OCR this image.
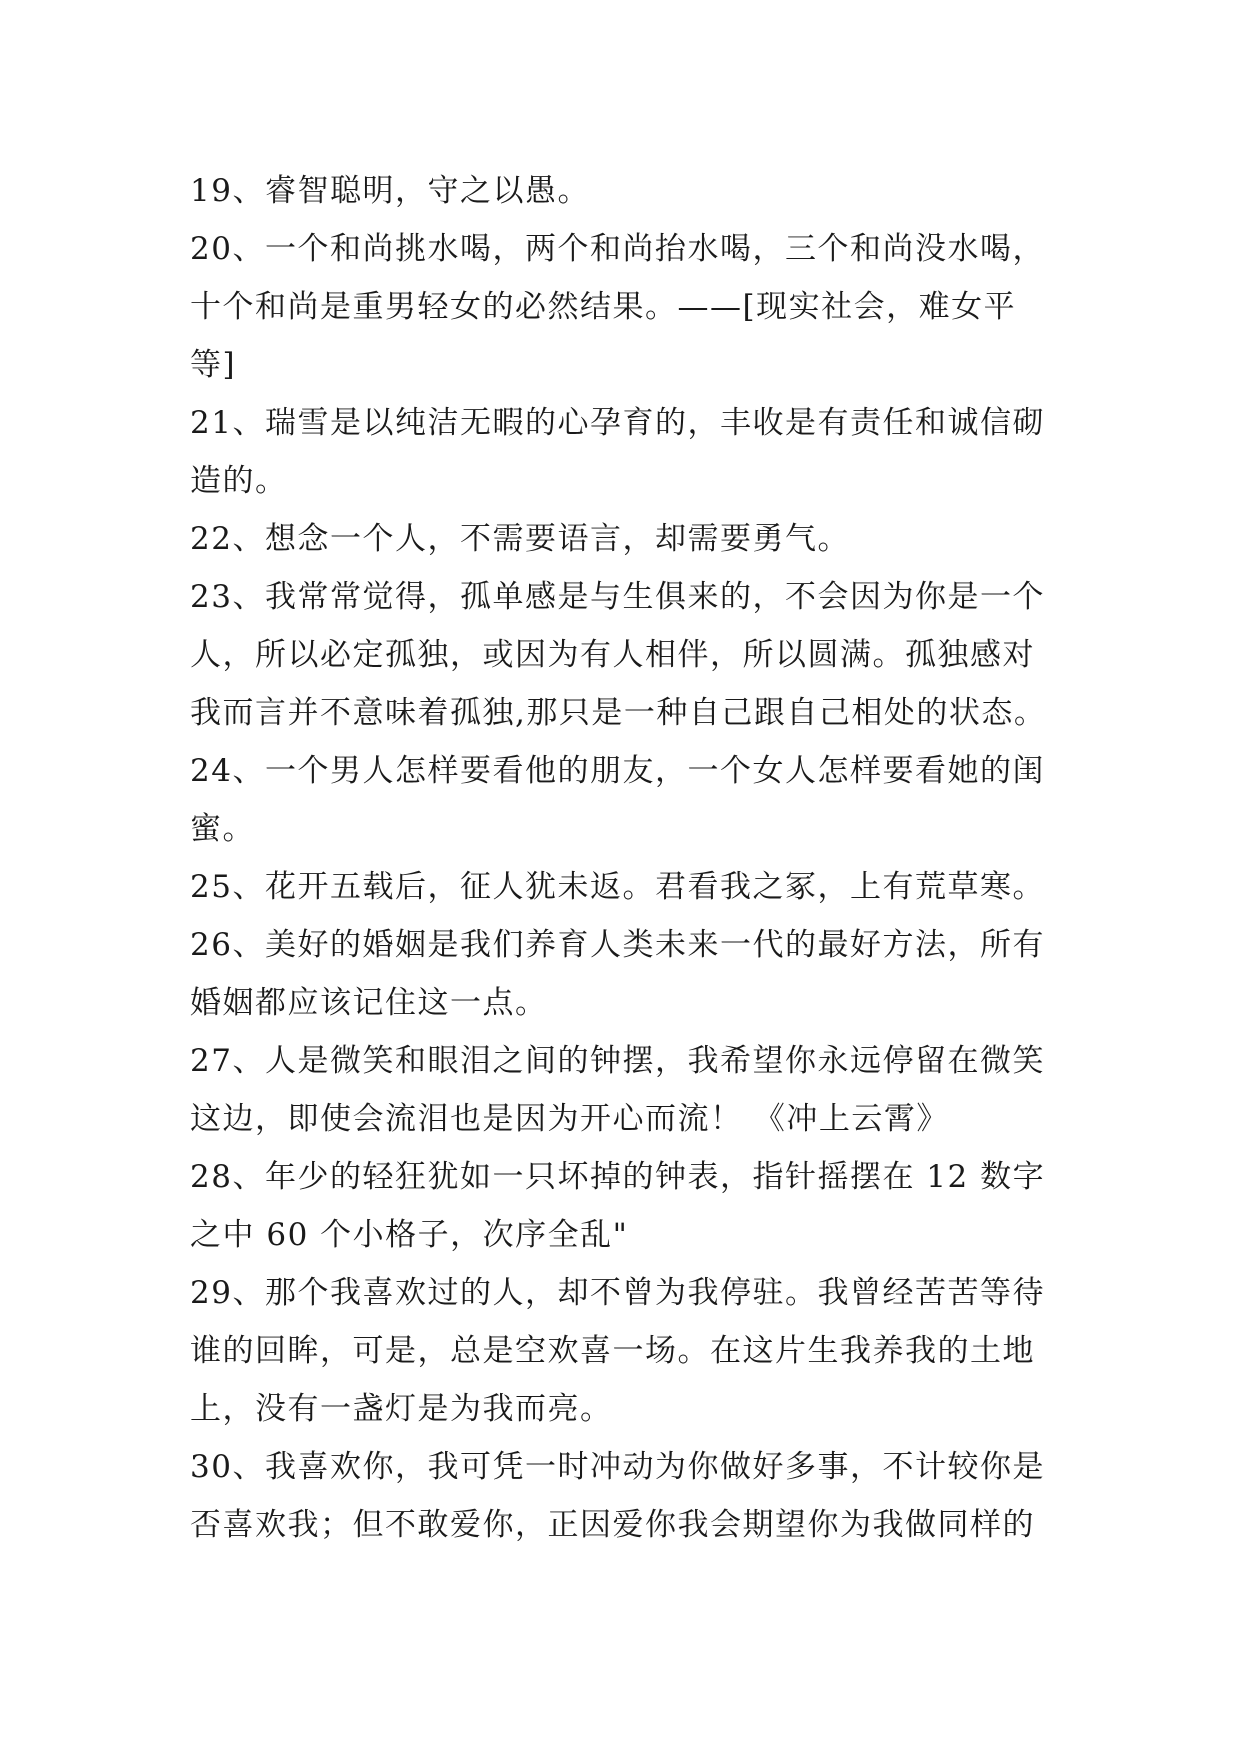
19、睿智聪明，守之以愚。
20、一个和尚挑水喝，两个和尚抬水喝，三个和尚没水喝，
十个和尚是重男轻女的必然结果。——[现实社会，难女平
等]
21、瑞雪是以纯洁无暇的心孕育的，丰收是有责任和诚信砌
造的。
22、想念一个人，不需要语言，却需要勇气。
23、我常常觉得，孤单感是与生俱来的，不会因为你是一个
人，所以必定孤独，或因为有人相伴，所以圆满。孤独感对
我而言并不意味着孤独,那只是一种自己跟自己相处的状态。
24、一个男人怎样要看他的朋友，一个女人怎样要看她的闺
蜜。
25、花开五载后，征人犹未返。君看我之冢，上有荒草寒。
26、美好的婚姻是我们养育人类未来一代的最好方法，所有
婚姻都应该记住这一点。
27、人是微笑和眼泪之间的钟摆，我希望你永远停留在微笑
这边，即使会流泪也是因为开心而流！ 《冲上云霄》
28、年少的轻狂犹如一只坏掉的钟表，指针摇摆在 12 数字
之中 60 个小格子，次序全乱"
29、那个我喜欢过的人，却不曾为我停驻。我曾经苦苦等待
谁的回眸，可是，总是空欢喜一场。在这片生我养我的土地
上，没有一盏灯是为我而亮。
30、我喜欢你，我可凭一时冲动为你做好多事，不计较你是
否喜欢我；但不敢爱你，正因爱你我会期望你为我做同样的
